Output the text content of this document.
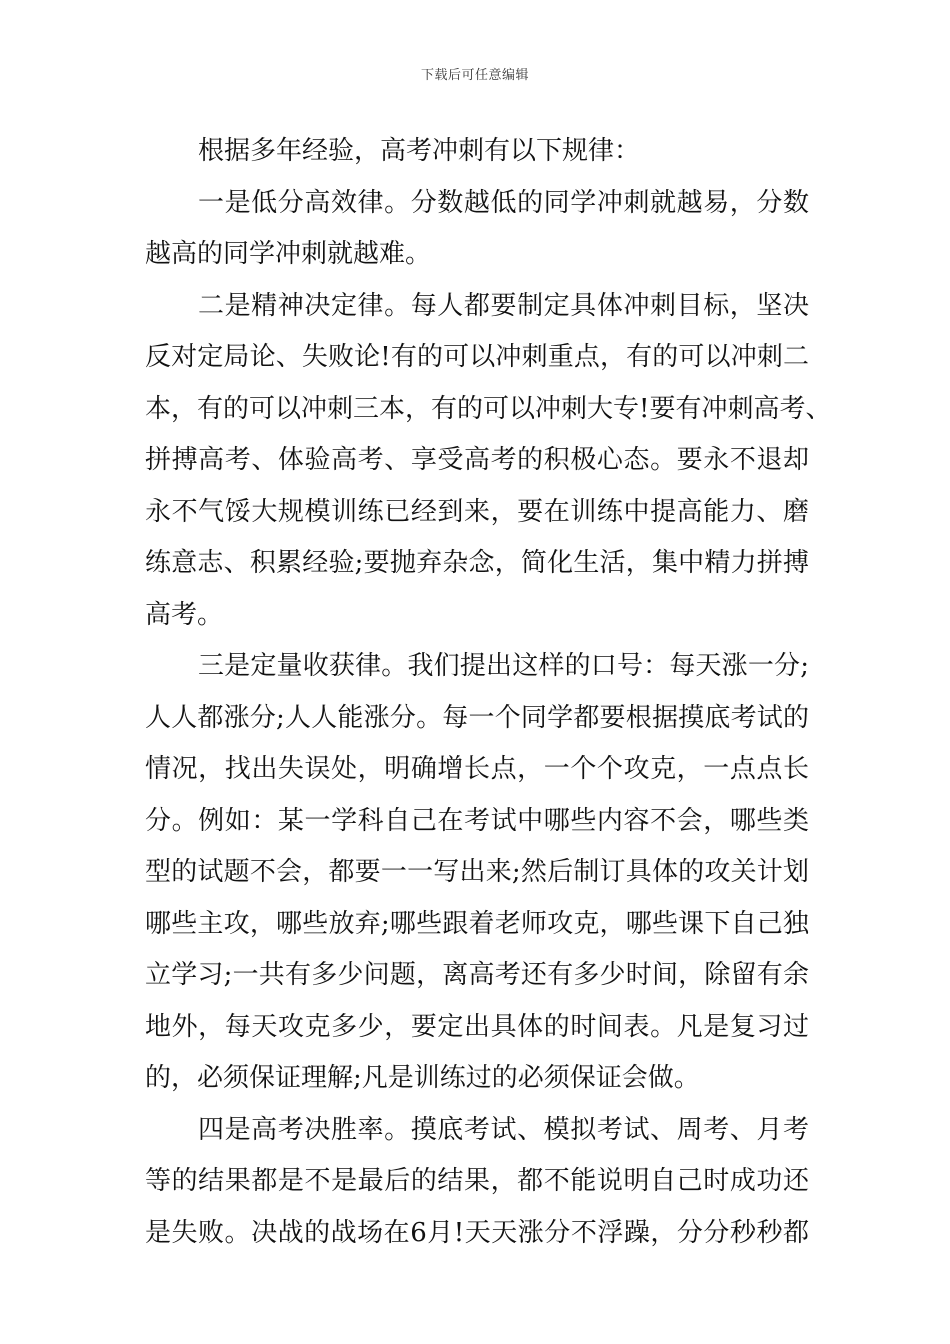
下载后可任意编辑
根据多年经验，高考冲刺有以下规律：
一是低分高效律。分数越低的同学冲刺就越易，分数
越高的同学冲刺就越难。
二是精神决定律。每人都要制定具体冲刺目标，坚决
反对定局论、失败论!有的可以冲刺重点，有的可以冲刺二
本，有的可以冲刺三本，有的可以冲刺大专!要有冲刺高考、
拼搏高考、体验高考、享受高考的积极心态。要永不退却
永不气馁大规模训练已经到来，要在训练中提高能力、磨
练意志、积累经验;要抛弃杂念，简化生活，集中精力拼搏
高考。
三是定量收获律。我们提出这样的口号：每天涨一分;
人人都涨分;人人能涨分。每一个同学都要根据摸底考试的
情况，找出失误处，明确增长点，一个个攻克，一点点长
分。例如：某一学科自己在考试中哪些内容不会，哪些类
型的试题不会，都要一一写出来;然后制订具体的攻关计划
哪些主攻，哪些放弃;哪些跟着老师攻克，哪些课下自己独
立学习;一共有多少问题，离高考还有多少时间，除留有余
地外，每天攻克多少，要定出具体的时间表。凡是复习过
的，必须保证理解;凡是训练过的必须保证会做。
四是高考决胜率。摸底考试、模拟考试、周考、月考
等的结果都是不是最后的结果，都不能说明自己时成功还
是失败。决战的战场在6月!天天涨分不浮躁，分分秒秒都
